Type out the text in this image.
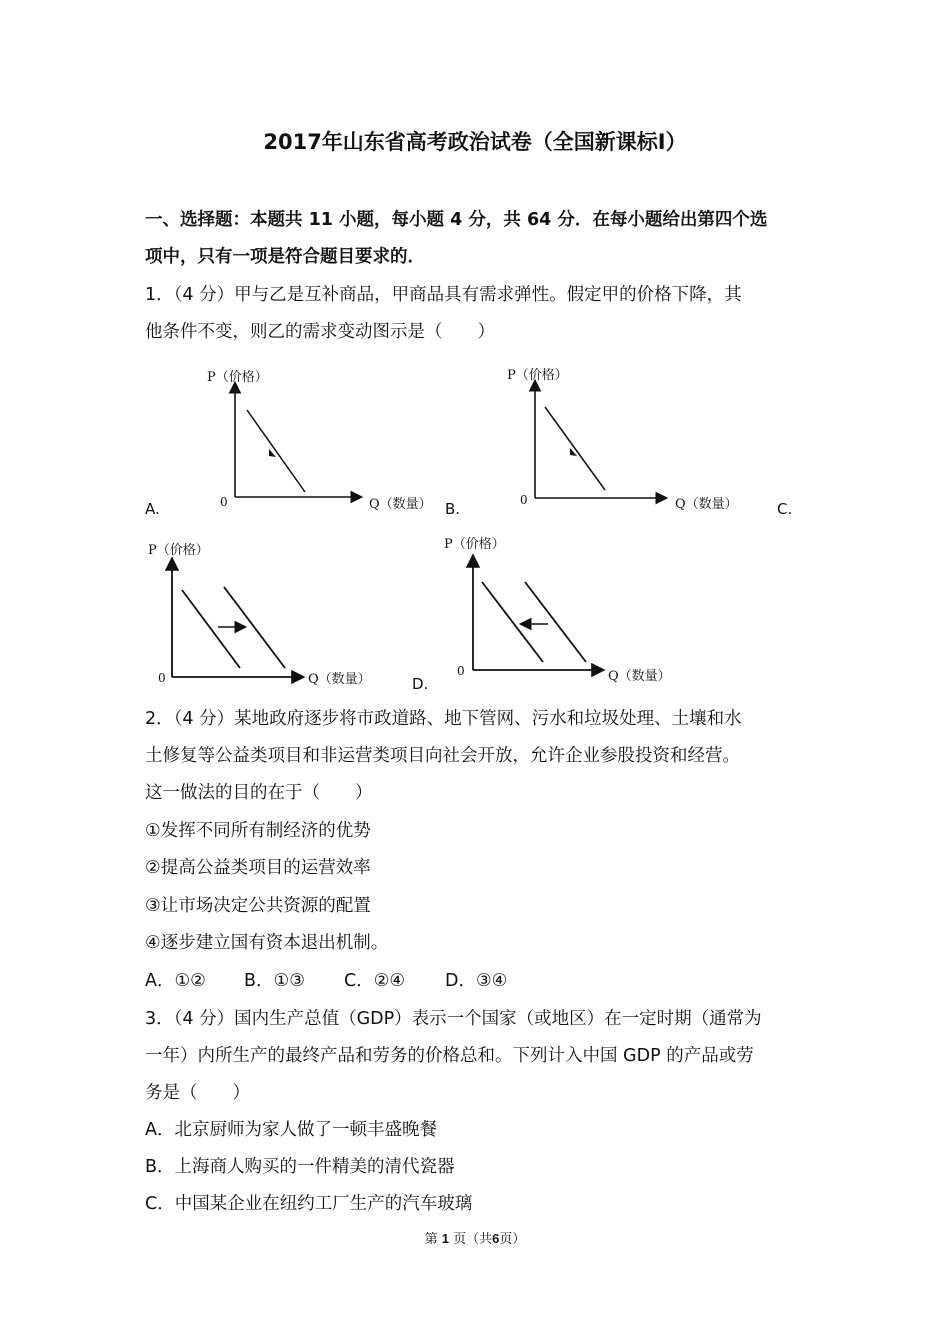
2017年山东省高考政治试卷（全国新课标Ⅰ）
一、选择题：本题共 11 小题，每小题 4 分，共 64 分．在每小题给出第四个选
项中，只有一项是符合题目要求的．
1．（4 分）甲与乙是互补商品，甲商品具有需求弹性。假定甲的价格下降，其
他条件不变，则乙的需求变动图示是（　　）
P（价格）
Q（数量）
0
A.
P（价格）
Q（数量）
0
B.	C.
P（价格）
Q（数量）
0
P（价格）
Q（数量）
0
D.
2．（4 分）某地政府逐步将市政道路、地下管网、污水和垃圾处理、土壤和水
土修复等公益类项目和非运营类项目向社会开放，允许企业参股投资和经营。
这一做法的目的在于（　　）
①发挥不同所有制经济的优势
②提高公益类项目的运营效率
③让市场决定公共资源的配置
④逐步建立国有资本退出机制。
A．①② B．①③ C．②④ D．③④
3．（4 分）国内生产总值（GDP）表示一个国家（或地区）在一定时期（通常为
一年）内所生产的最终产品和劳务的价格总和。下列计入中国 GDP 的产品或劳
务是（　　）
A．北京厨师为家人做了一顿丰盛晚餐
B．上海商人购买的一件精美的清代瓷器
C．中国某企业在纽约工厂生产的汽车玻璃
第 1 页（共6页）
